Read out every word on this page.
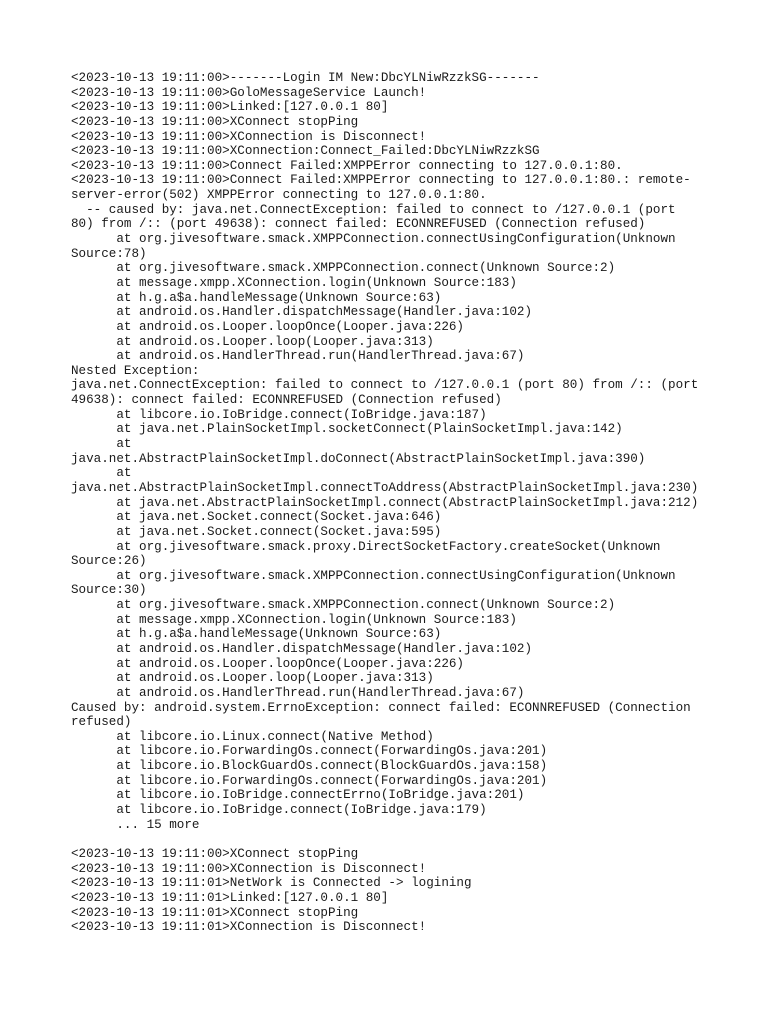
<2023-10-13 19:11:00>-------Login IM New:DbcYLNiwRzzkSG-------
<2023-10-13 19:11:00>GoloMessageService Launch!
<2023-10-13 19:11:00>Linked:[127.0.0.1 80]
<2023-10-13 19:11:00>XConnect stopPing
<2023-10-13 19:11:00>XConnection is Disconnect!
<2023-10-13 19:11:00>XConnection:Connect_Failed:DbcYLNiwRzzkSG
<2023-10-13 19:11:00>Connect Failed:XMPPError connecting to 127.0.0.1:80.
<2023-10-13 19:11:00>Connect Failed:XMPPError connecting to 127.0.0.1:80.: remote-
server-error(502) XMPPError connecting to 127.0.0.1:80.
-- caused by: java.net.ConnectException: failed to connect to /127.0.0.1 (port
80) from /:: (port 49638): connect failed: ECONNREFUSED (Connection refused)
at org.jivesoftware.smack.XMPPConnection.connectUsingConfiguration(Unknown
Source:78)
at org.jivesoftware.smack.XMPPConnection.connect(Unknown Source:2)
at message.xmpp.XConnection.login(Unknown Source:183)
at h.g.a$a.handleMessage(Unknown Source:63)
at android.os.Handler.dispatchMessage(Handler.java:102)
at android.os.Looper.loopOnce(Looper.java:226)
at android.os.Looper.loop(Looper.java:313)
at android.os.HandlerThread.run(HandlerThread.java:67)
Nested Exception:
java.net.ConnectException: failed to connect to /127.0.0.1 (port 80) from /:: (port
49638): connect failed: ECONNREFUSED (Connection refused)
at libcore.io.IoBridge.connect(IoBridge.java:187)
at java.net.PlainSocketImpl.socketConnect(PlainSocketImpl.java:142)
at
java.net.AbstractPlainSocketImpl.doConnect(AbstractPlainSocketImpl.java:390)
at
java.net.AbstractPlainSocketImpl.connectToAddress(AbstractPlainSocketImpl.java:230)
at java.net.AbstractPlainSocketImpl.connect(AbstractPlainSocketImpl.java:212)
at java.net.Socket.connect(Socket.java:646)
at java.net.Socket.connect(Socket.java:595)
at org.jivesoftware.smack.proxy.DirectSocketFactory.createSocket(Unknown
Source:26)
at org.jivesoftware.smack.XMPPConnection.connectUsingConfiguration(Unknown
Source:30)
at org.jivesoftware.smack.XMPPConnection.connect(Unknown Source:2)
at message.xmpp.XConnection.login(Unknown Source:183)
at h.g.a$a.handleMessage(Unknown Source:63)
at android.os.Handler.dispatchMessage(Handler.java:102)
at android.os.Looper.loopOnce(Looper.java:226)
at android.os.Looper.loop(Looper.java:313)
at android.os.HandlerThread.run(HandlerThread.java:67)
Caused by: android.system.ErrnoException: connect failed: ECONNREFUSED (Connection
refused)
at libcore.io.Linux.connect(Native Method)
at libcore.io.ForwardingOs.connect(ForwardingOs.java:201)
at libcore.io.BlockGuardOs.connect(BlockGuardOs.java:158)
at libcore.io.ForwardingOs.connect(ForwardingOs.java:201)
at libcore.io.IoBridge.connectErrno(IoBridge.java:201)
at libcore.io.IoBridge.connect(IoBridge.java:179)
... 15 more
<2023-10-13 19:11:00>XConnect stopPing
<2023-10-13 19:11:00>XConnection is Disconnect!
<2023-10-13 19:11:01>NetWork is Connected -> logining
<2023-10-13 19:11:01>Linked:[127.0.0.1 80]
<2023-10-13 19:11:01>XConnect stopPing
<2023-10-13 19:11:01>XConnection is Disconnect!
